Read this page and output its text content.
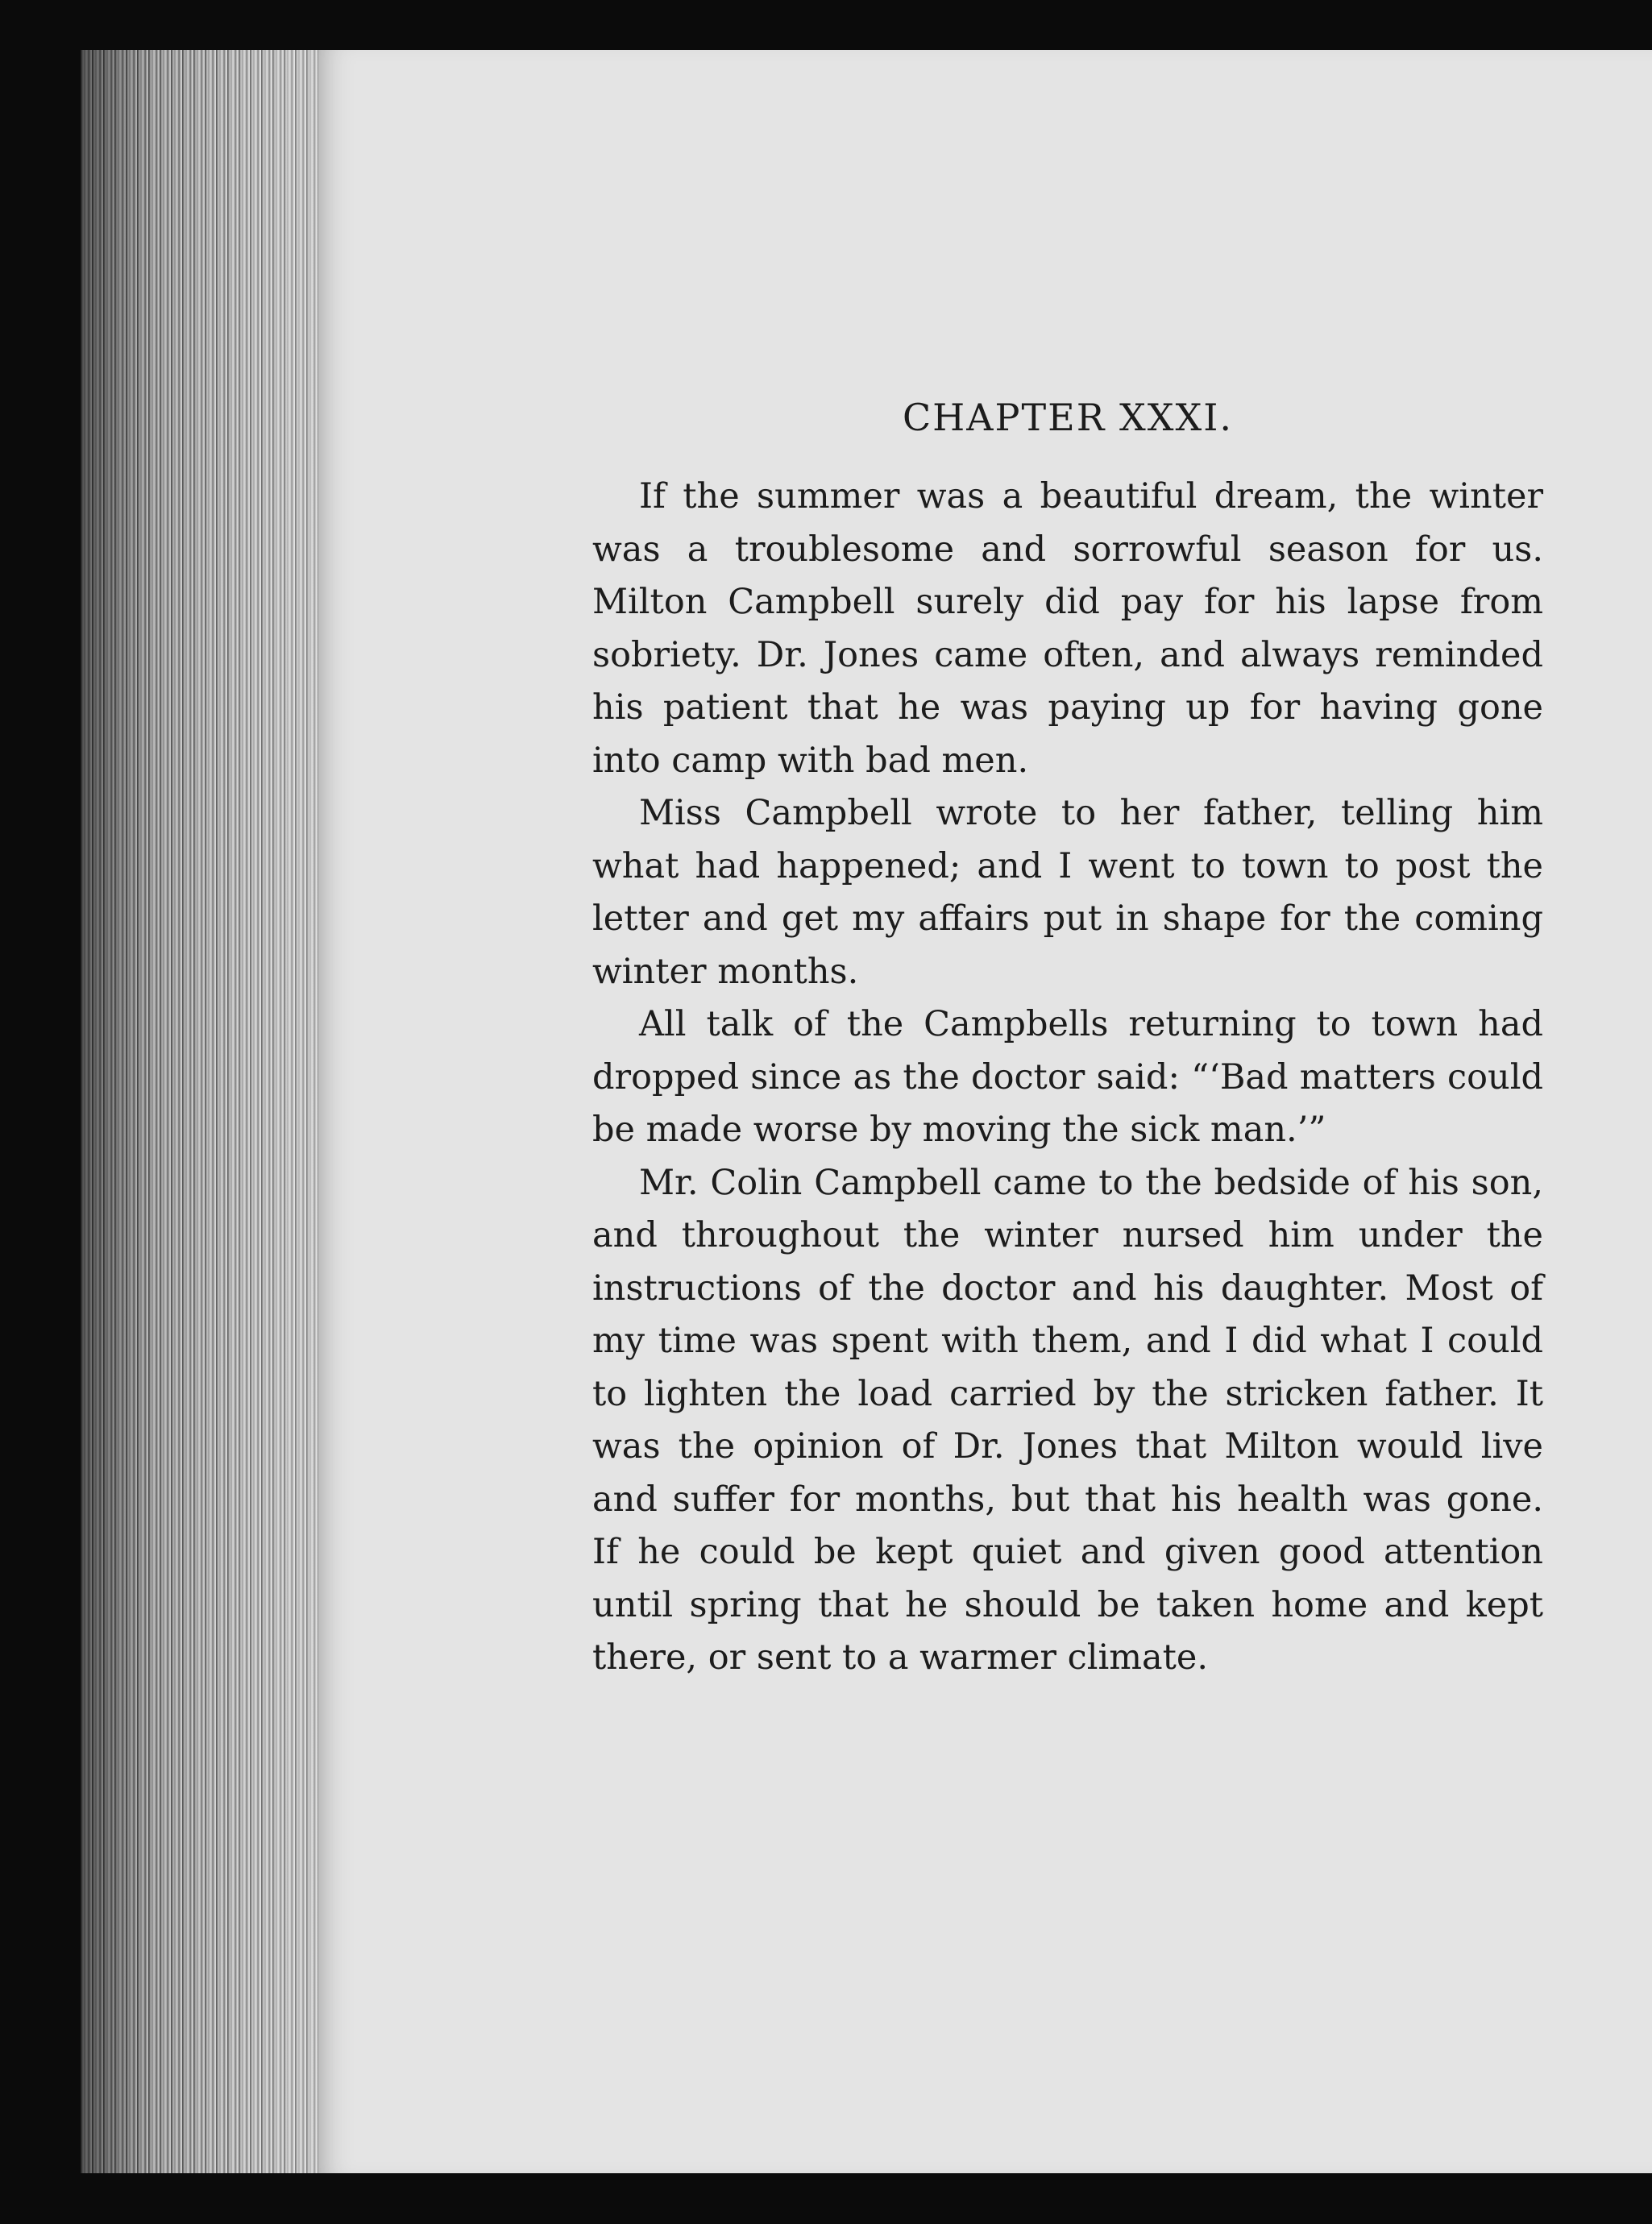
CHAPTER XXXI.

If the summer was a beautiful dream, the winter was a troublesome and sorrowful season for us. Milton Campbell surely did pay for his lapse from sobriety. Dr. Jones came often, and always reminded his patient that he was paying up for having gone into camp with bad men.

Miss Campbell wrote to her father, telling him what had happened; and I went to town to post the letter and get my affairs put in shape for the coming winter months.

All talk of the Campbells returning to town had dropped since as the doctor said: “‘Bad matters could be made worse by moving the sick man.’”

Mr. Colin Campbell came to the bedside of his son, and throughout the winter nursed him under the instructions of the doctor and his daughter. Most of my time was spent with them, and I did what I could to lighten the load carried by the stricken father. It was the opinion of Dr. Jones that Milton would live and suffer for months, but that his health was gone. If he could be kept quiet and given good attention until spring that he should be taken home and kept there, or sent to a warmer climate.
